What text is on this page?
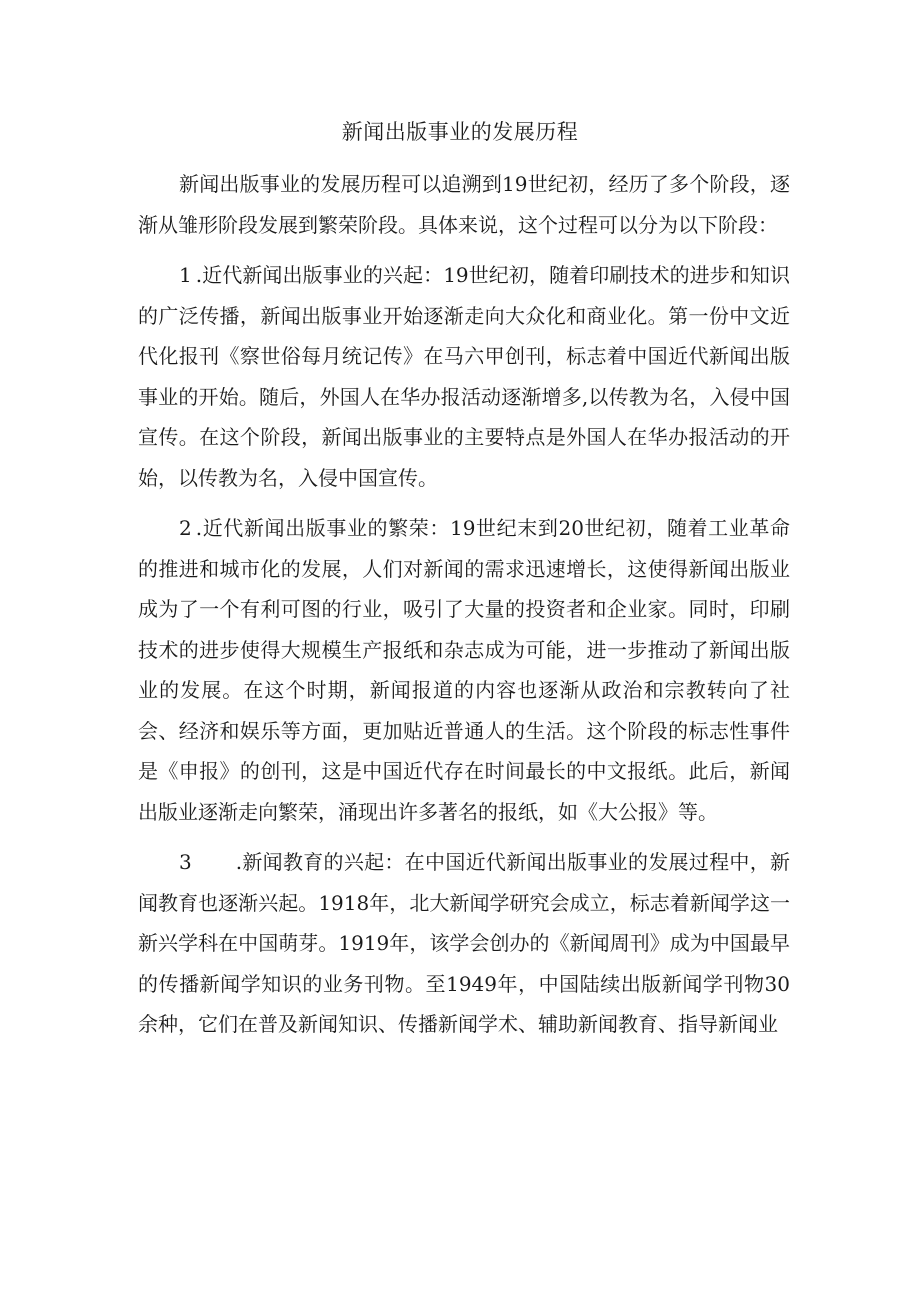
新闻出版事业的发展历程

新闻出版事业的发展历程可以追溯到19世纪初，经历了多个阶段，逐渐从雏形阶段发展到繁荣阶段。具体来说，这个过程可以分为以下阶段：

1 .近代新闻出版事业的兴起：19世纪初，随着印刷技术的进步和知识的广泛传播，新闻出版事业开始逐渐走向大众化和商业化。第一份中文近代化报刊《察世俗每月统记传》在马六甲创刊，标志着中国近代新闻出版事业的开始。随后，外国人在华办报活动逐渐增多,以传教为名，入侵中国宣传。在这个阶段，新闻出版事业的主要特点是外国人在华办报活动的开始，以传教为名，入侵中国宣传。

2 .近代新闻出版事业的繁荣：19世纪末到20世纪初，随着工业革命的推进和城市化的发展，人们对新闻的需求迅速增长，这使得新闻出版业成为了一个有利可图的行业，吸引了大量的投资者和企业家。同时，印刷技术的进步使得大规模生产报纸和杂志成为可能，进一步推动了新闻出版业的发展。在这个时期，新闻报道的内容也逐渐从政治和宗教转向了社会、经济和娱乐等方面，更加贴近普通人的生活。这个阶段的标志性事件是《申报》的创刊，这是中国近代存在时间最长的中文报纸。此后，新闻出版业逐渐走向繁荣，涌现出许多著名的报纸，如《大公报》等。

3 .新闻教育的兴起：在中国近代新闻出版事业的发展过程中，新闻教育也逐渐兴起。1918年，北大新闻学研究会成立，标志着新闻学这一新兴学科在中国萌芽。1919年，该学会创办的《新闻周刊》成为中国最早的传播新闻学知识的业务刊物。至1949年，中国陆续出版新闻学刊物30余种，它们在普及新闻知识、传播新闻学术、辅助新闻教育、指导新闻业
